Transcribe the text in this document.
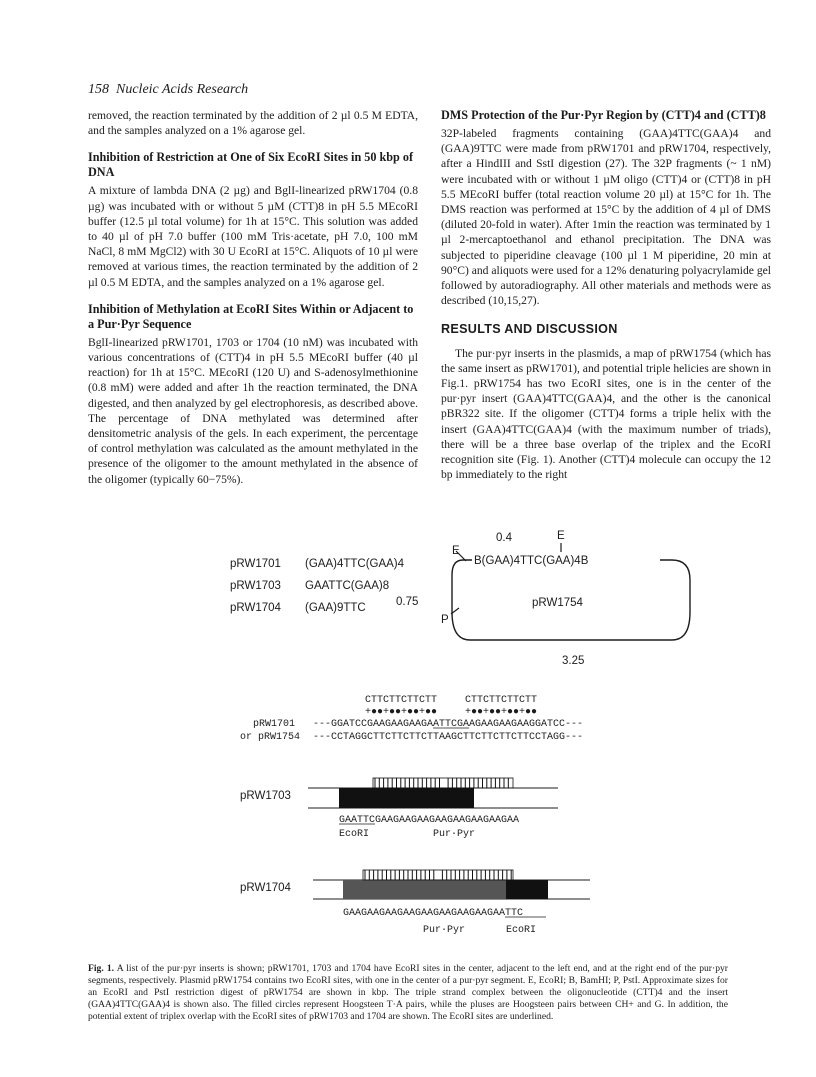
158 Nucleic Acids Research

removed, the reaction terminated by the addition of 2 µl 0.5 M EDTA, and the samples analyzed on a 1% agarose gel.

Inhibition of Restriction at One of Six EcoRI Sites in 50 kbp of DNA

A mixture of lambda DNA (2 µg) and BglI-linearized pRW1704 (0.8 µg) was incubated with or without 5 µM (CTT)8 in pH 5.5 MEcoRI buffer (12.5 µl total volume) for 1h at 15°C. This solution was added to 40 µl of pH 7.0 buffer (100 mM Tris·acetate, pH 7.0, 100 mM NaCl, 8 mM MgCl2) with 30 U EcoRI at 15°C. Aliquots of 10 µl were removed at various times, the reaction terminated by the addition of 2 µl 0.5 M EDTA, and the samples analyzed on a 1% agarose gel.

Inhibition of Methylation at EcoRI Sites Within or Adjacent to a Pur·Pyr Sequence

BglI-linearized pRW1701, 1703 or 1704 (10 nM) was incubated with various concentrations of (CTT)4 in pH 5.5 MEcoRI buffer (40 µl reaction) for 1h at 15°C. MEcoRI (120 U) and S-adenosylmethionine (0.8 mM) were added and after 1h the reaction terminated, the DNA digested, and then analyzed by gel electrophoresis, as described above. The percentage of DNA methylated was determined after densitometric analysis of the gels. In each experiment, the percentage of control methylation was calculated as the amount methylated in the presence of the oligomer to the amount methylated in the absence of the oligomer (typically 60−75%).

DMS Protection of the Pur·Pyr Region by (CTT)4 and (CTT)8

32P-labeled fragments containing (GAA)4TTC(GAA)4 and (GAA)9TTC were made from pRW1701 and pRW1704, respectively, after a HindIII and SstI digestion (27). The 32P fragments (~ 1 nM) were incubated with or without 1 µM oligo (CTT)4 or (CTT)8 in pH 5.5 MEcoRI buffer (total reaction volume 20 µl) at 15°C for 1h. The DMS reaction was performed at 15°C by the addition of 4 µl of DMS (diluted 20-fold in water). After 1min the reaction was terminated by 1 µl 2-mercaptoethanol and ethanol precipitation. The DNA was subjected to piperidine cleavage (100 µl 1 M piperidine, 20 min at 90°C) and aliquots were used for a 12% denaturing polyacrylamide gel followed by autoradiography. All other materials and methods were as described (10,15,27).

RESULTS AND DISCUSSION

The pur·pyr inserts in the plasmids, a map of pRW1754 (which has the same insert as pRW1701), and potential triple helicies are shown in Fig.1. pRW1754 has two EcoRI sites, one is in the center of the pur·pyr insert (GAA)4TTC(GAA)4, and the other is the canonical pBR322 site. If the oligomer (CTT)4 forms a triple helix with the insert (GAA)4TTC(GAA)4 (with the maximum number of triads), there will be a three base overlap of the triplex and the EcoRI recognition site (Fig. 1). Another (CTT)4 molecule can occupy the 12 bp immediately to the right

pRW1701 (GAA)4TTC(GAA)4
pRW1703 GAATTC(GAA)8
pRW1704 (GAA)9TTC
E
0.4
E
B(GAA)4TTC(GAA)4B
0.75	pRW1754
P
3.25
CTTCTTCTTCTT	CTTCTTCTTCTT
+●●+●●+●●+●●	+●●+●●+●●+●●
pRW1701 ---GGATCCGAAGAAGAAGAATTCGAAGAAGAAGAAGGATCC---
or pRW1754 ---CCTAGGCTTCTTCTTCTTAAGCTTCTTCTTCTTCCTAGG---
pRW1703
GAATTCGAAGAAGAAGAAGAAGAAGAAGAA
EcoRI	Pur·Pyr
pRW1704
GAAGAAGAAGAAGAAGAAGAAGAAGAATTC
Pur·Pyr	EcoRI
Fig. 1. A list of the pur·pyr inserts is shown; pRW1701, 1703 and 1704 have EcoRI sites in the center, adjacent to the left end, and at the right end of the pur·pyr segments, respectively. Plasmid pRW1754 contains two EcoRI sites, with one in the center of a pur·pyr segment. E, EcoRI; B, BamHI; P, PstI. Approximate sizes for an EcoRI and PstI restriction digest of pRW1754 are shown in kbp. The triple strand complex between the oligonucleotide (CTT)4 and the insert (GAA)4TTC(GAA)4 is shown also. The filled circles represent Hoogsteen T·A pairs, while the pluses are Hoogsteen pairs between CH+ and G. In addition, the potential extent of triplex overlap with the EcoRI sites of pRW1703 and 1704 are shown. The EcoRI sites are underlined.
